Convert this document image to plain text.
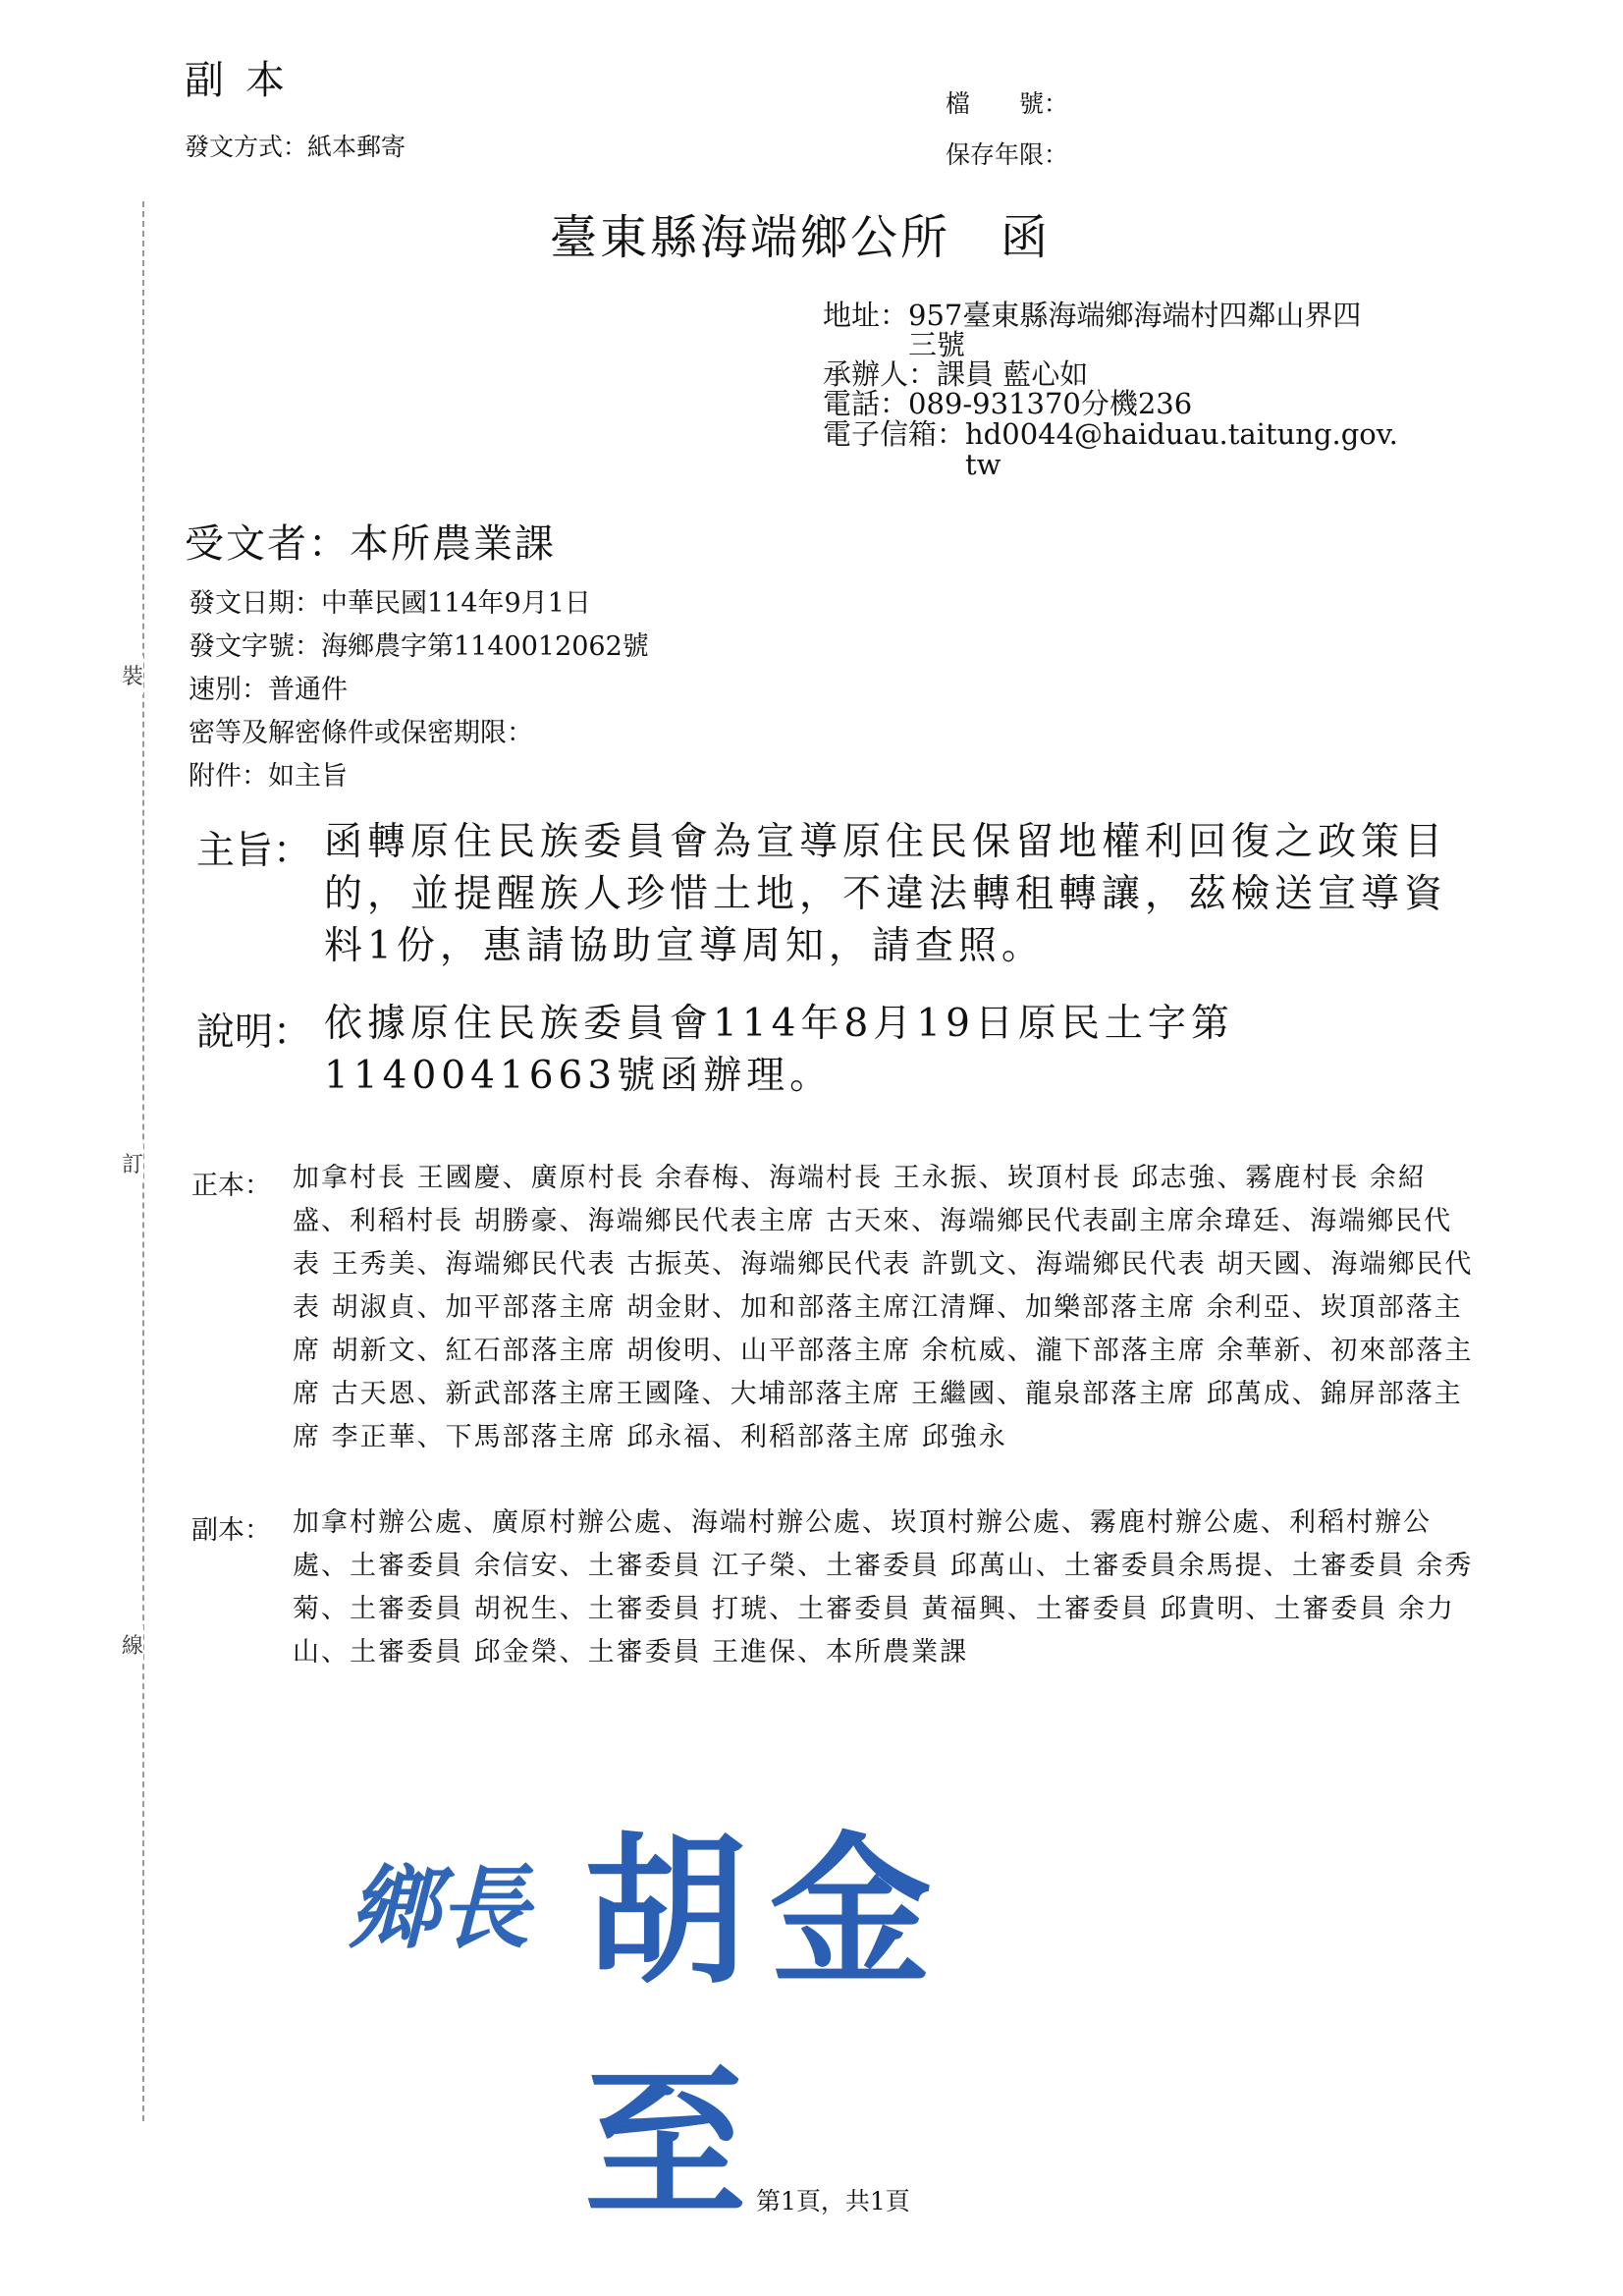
裝
訂
線
副本
發文方式：紙本郵寄
檔　　號：
保存年限：
臺東縣海端鄉公所　函
地址：957臺東縣海端鄉海端村四鄰山界四
　　　三號
承辦人：課員 藍心如
電話：089-931370分機236
電子信箱：hd0044@haiduau.taitung.gov.
　　　　　tw
受文者：本所農業課
發文日期：中華民國114年9月1日
發文字號：海鄉農字第1140012062號
速別：普通件
密等及解密條件或保密期限：
附件：如主旨
主旨： 函轉原住民族委員會為宣導原住民保留地權利回復之政策目的，並提醒族人珍惜土地，不違法轉租轉讓，茲檢送宣導資料1份，惠請協助宣導周知，請查照。
說明： 依據原住民族委員會114年8月19日原民土字第1140041663號函辦理。
正本： 加拿村長 王國慶、廣原村長 余春梅、海端村長 王永振、崁頂村長 邱志強、霧鹿村長 余紹盛、利稻村長 胡勝豪、海端鄉民代表主席 古天來、海端鄉民代表副主席余瑋廷、海端鄉民代表 王秀美、海端鄉民代表 古振英、海端鄉民代表 許凱文、海端鄉民代表 胡天國、海端鄉民代表 胡淑貞、加平部落主席 胡金財、加和部落主席江清輝、加樂部落主席 余利亞、崁頂部落主席 胡新文、紅石部落主席 胡俊明、山平部落主席 余杭威、瀧下部落主席 余華新、初來部落主席 古天恩、新武部落主席王國隆、大埔部落主席 王繼國、龍泉部落主席 邱萬成、錦屏部落主席 李正華、下馬部落主席 邱永福、利稻部落主席 邱強永
副本： 加拿村辦公處、廣原村辦公處、海端村辦公處、崁頂村辦公處、霧鹿村辦公處、利稻村辦公處、土審委員 余信安、土審委員 江子榮、土審委員 邱萬山、土審委員余馬提、土審委員 余秀菊、土審委員 胡祝生、土審委員 打琥、土審委員 黃福興、土審委員 邱貴明、土審委員 余力山、土審委員 邱金榮、土審委員 王進保、本所農業課
鄉長 胡金至
第1頁，共1頁
